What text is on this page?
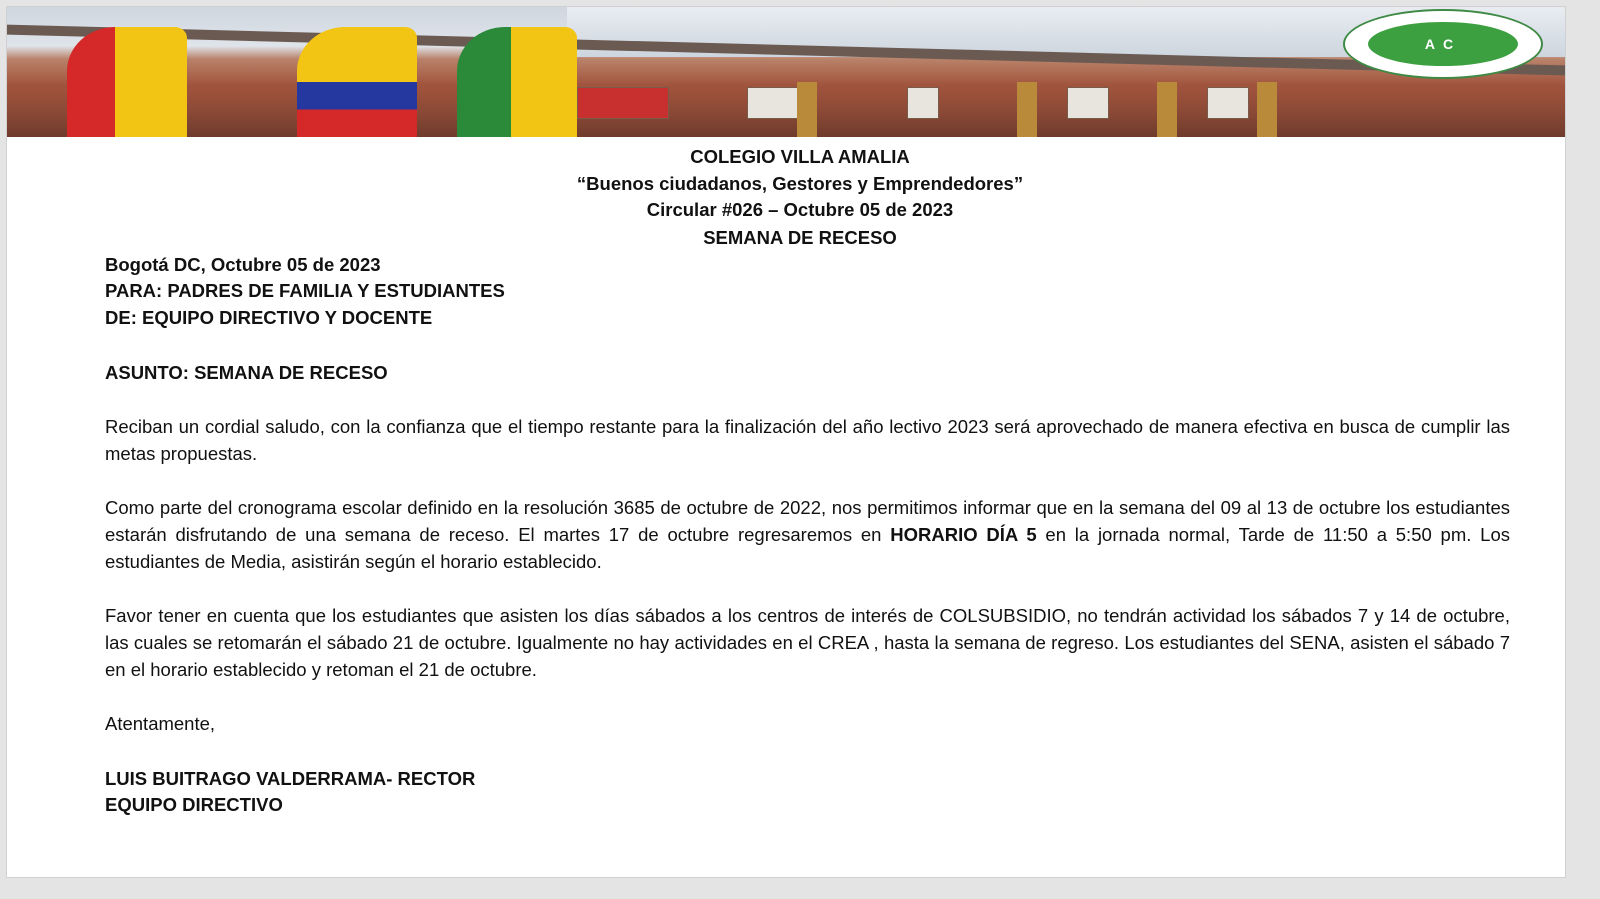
AC
COLEGIO VILLA AMALIA
“Buenos ciudadanos, Gestores y Emprendedores”
Circular #026 – Octubre 05 de 2023
SEMANA DE RECESO
Bogotá DC, Octubre 05 de 2023
PARA: PADRES DE FAMILIA Y ESTUDIANTES
DE: EQUIPO DIRECTIVO Y DOCENTE
ASUNTO: SEMANA DE RECESO
Reciban un cordial saludo, con la confianza que el tiempo restante para la finalización del año lectivo 2023 será aprovechado de manera efectiva en busca de cumplir las metas propuestas.
Como parte del cronograma escolar definido en la resolución 3685 de octubre de 2022, nos permitimos informar que en la semana del 09 al 13 de octubre los estudiantes estarán disfrutando de una semana de receso. El martes 17 de octubre regresaremos en HORARIO DÍA 5 en la jornada normal, Tarde de 11:50 a 5:50 pm. Los estudiantes de Media, asistirán según el horario establecido.
Favor tener en cuenta que los estudiantes que asisten los días sábados a los centros de interés de COLSUBSIDIO, no tendrán actividad los sábados 7 y 14 de octubre, las cuales se retomarán el sábado 21 de octubre. Igualmente no hay actividades en el CREA , hasta la semana de regreso. Los estudiantes del SENA, asisten el sábado 7 en el horario establecido y retoman el 21 de octubre.
Atentamente,
LUIS BUITRAGO VALDERRAMA- RECTOR
EQUIPO DIRECTIVO
